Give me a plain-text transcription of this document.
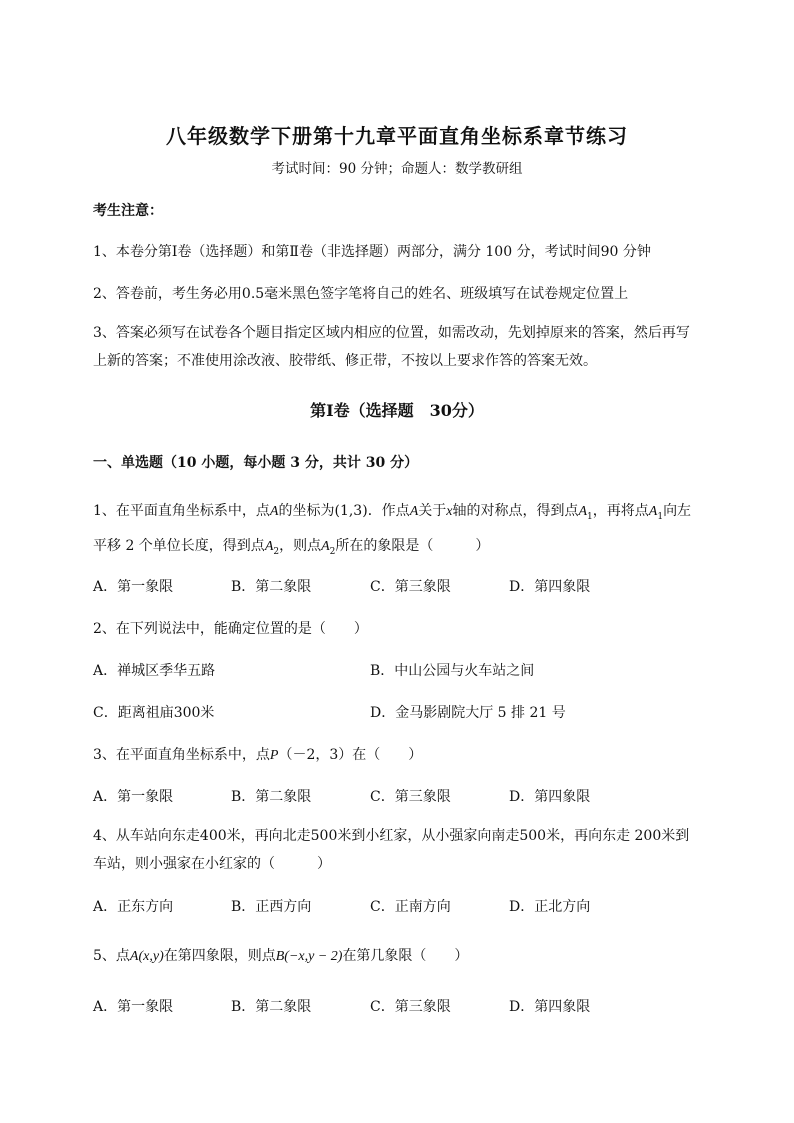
八年级数学下册第十九章平面直角坐标系章节练习
考试时间：90 分钟；命题人：数学教研组
考生注意：
1、本卷分第Ⅰ卷（选择题）和第Ⅱ卷（非选择题）两部分，满分 100 分，考试时间90 分钟
2、答卷前，考生务必用0.5毫米黑色签字笔将自己的姓名、班级填写在试卷规定位置上
3、答案必须写在试卷各个题目指定区域内相应的位置，如需改动，先划掉原来的答案，然后再写上新的答案；不准使用涂改液、胶带纸、修正带，不按以上要求作答的答案无效。
第Ⅰ卷（选择题　30分）
一、单选题（10 小题，每小题 3 分，共计 30 分）
1、在平面直角坐标系中，点A的坐标为(1,3)．作点A关于x轴的对称点，得到点$A_1$，再将点$A_1$向左
平移 2 个单位长度，得到点$A_2$，则点$A_2$所在的象限是（　　　）
A．第一象限	B．第二象限	C．第三象限	D．第四象限
2、在下列说法中，能确定位置的是（　　）
A．禅城区季华五路	B．中山公园与火车站之间
C．距离祖庙300米	D．金马影剧院大厅 5 排 21 号
3、在平面直角坐标系中，点P（－2，3）在（　　）
A．第一象限	B．第二象限	C．第三象限	D．第四象限
4、从车站向东走400米，再向北走500米到小红家，从小强家向南走500米，再向东走 200米到车站，则小强家在小红家的（　　　）
A．正东方向	B．正西方向	C．正南方向	D．正北方向
5、点A(x,y)在第四象限，则点B(−x,y − 2)在第几象限（　　）
A．第一象限	B．第二象限	C．第三象限	D．第四象限
